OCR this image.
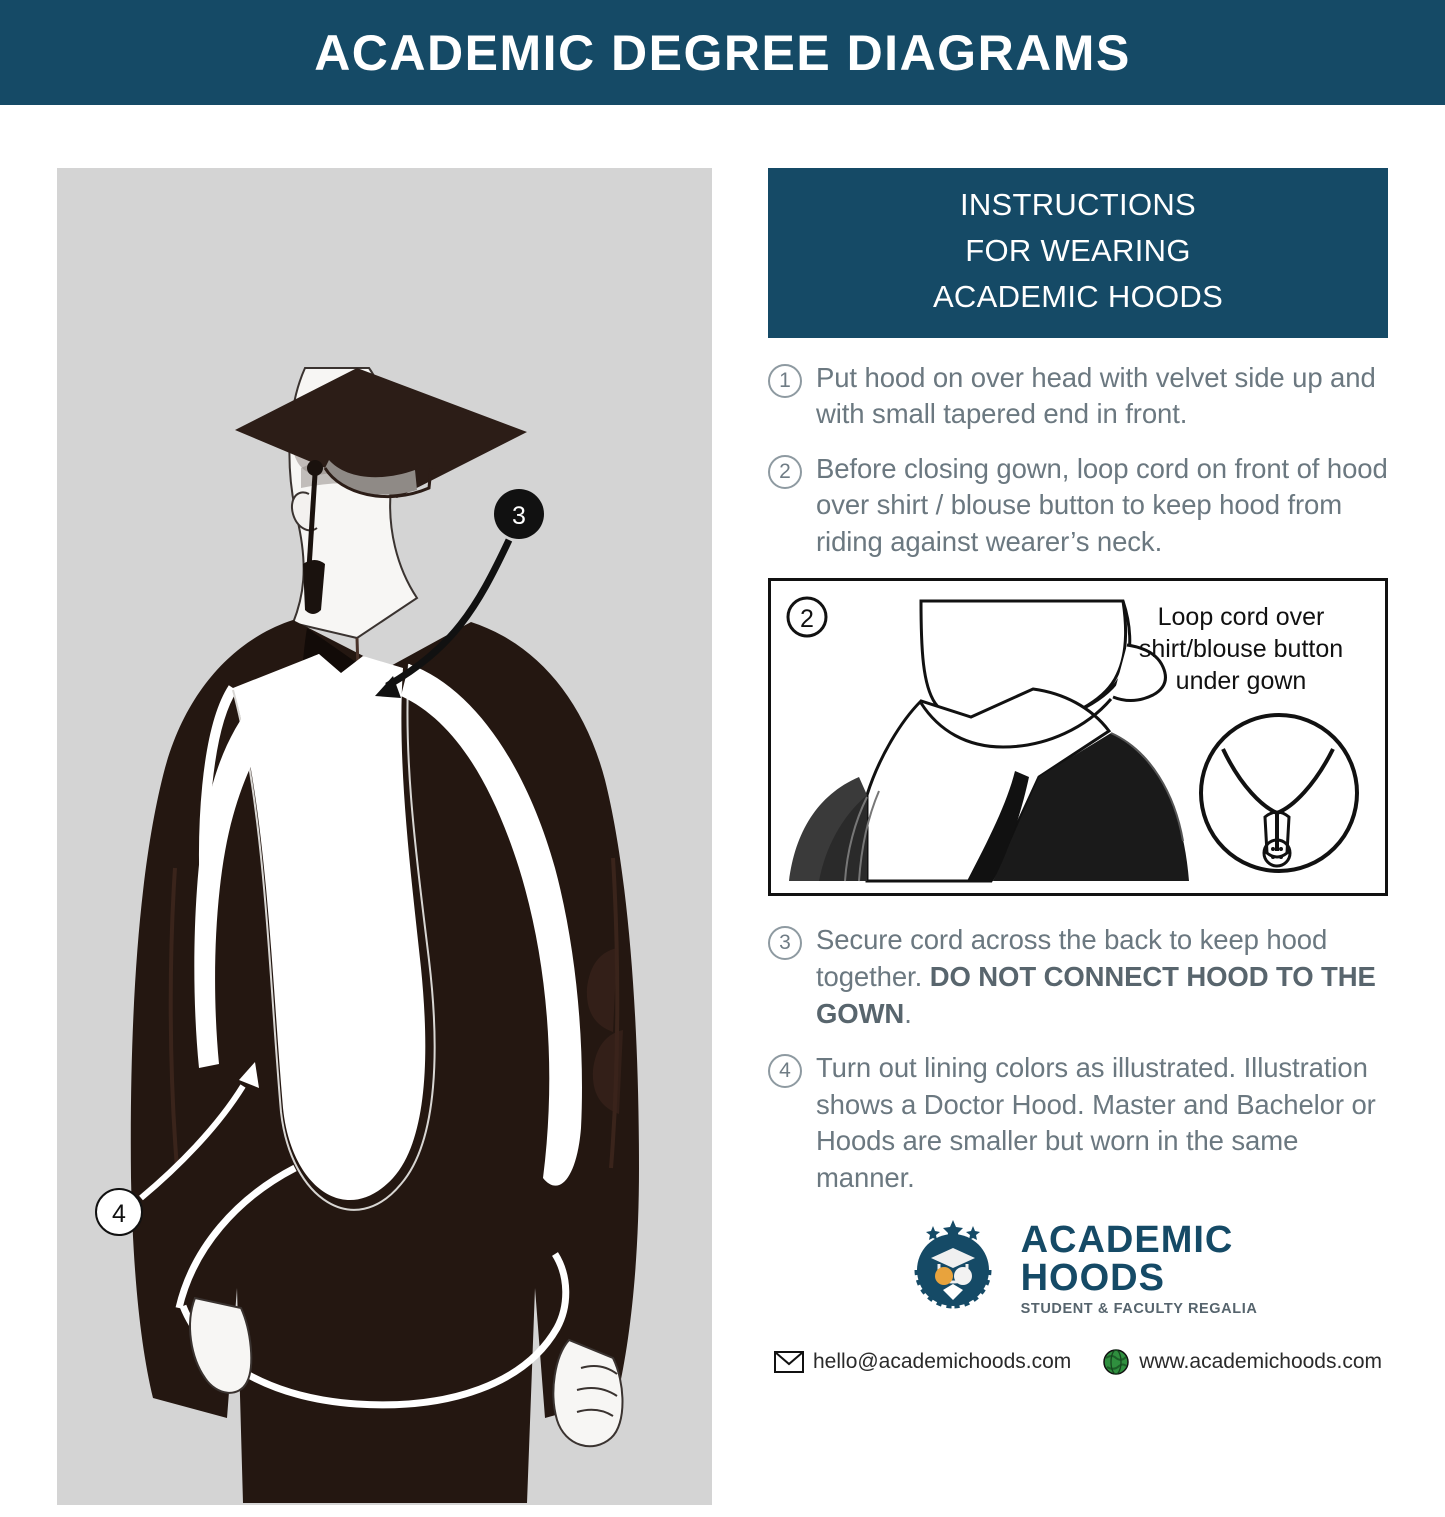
ACADEMIC DEGREE DIAGRAMS
3
4
INSTRUCTIONS
FOR WEARING
ACADEMIC HOODS
1 Put hood on over head with velvet side up and with small tapered end in front.
2 Before closing gown, loop cord on front of hood over shirt / blouse button to keep hood from riding against wearer’s neck.
Loop cord over
shirt/blouse button
under gown
2
3 Secure cord across the back to keep hood together. DO NOT CONNECT HOOD TO THE GOWN.
4 Turn out lining colors as illustrated. Illustration shows a Doctor Hood. Master and Bachelor or Hoods are smaller but worn in the same manner.
ACADEMIC
HOODS
STUDENT & FACULTY REGALIA
hello@academichoods.com	www.academichoods.com
